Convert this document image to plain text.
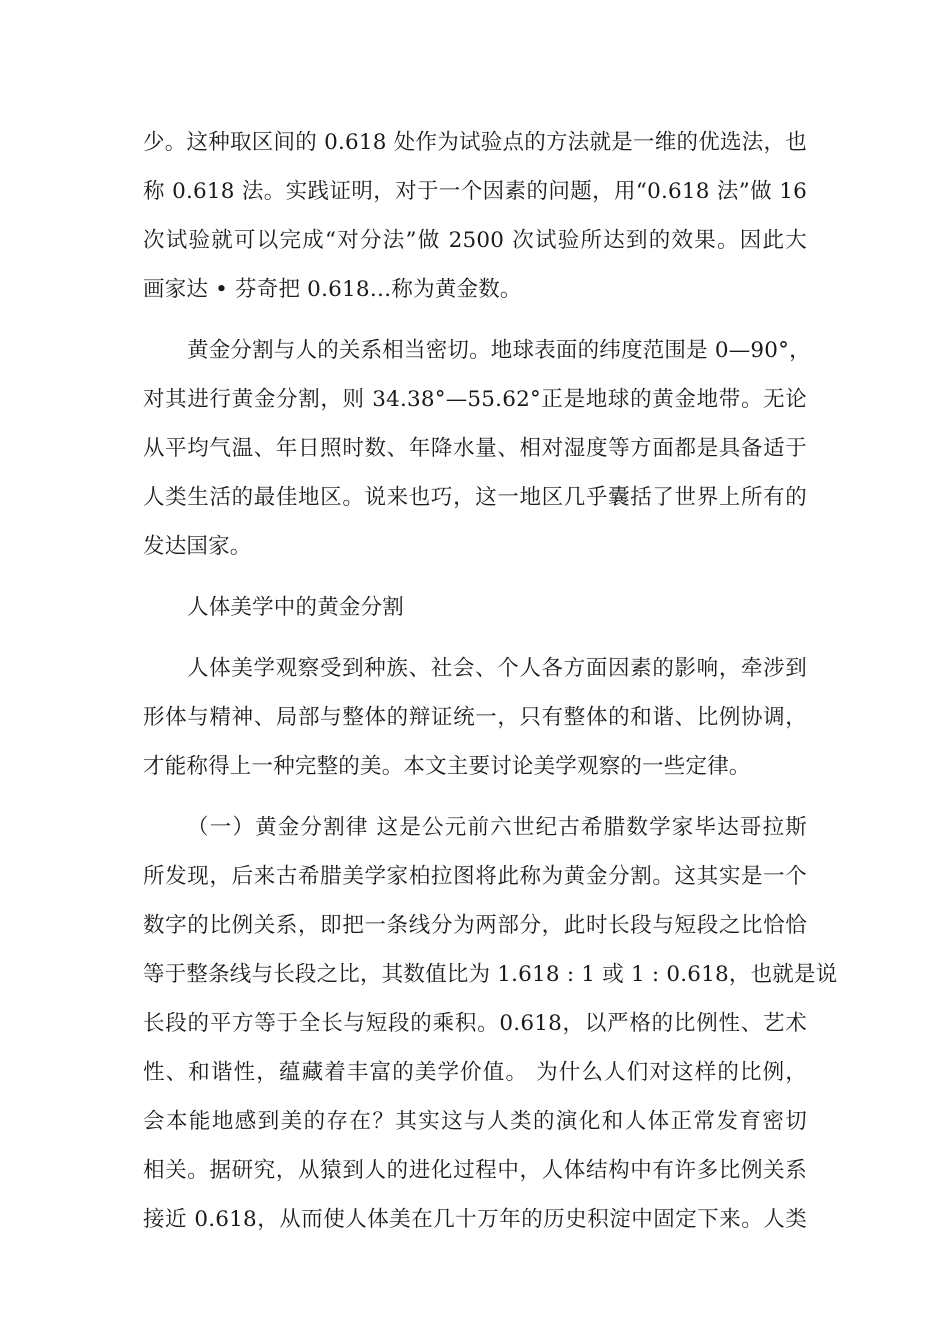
少。这种取区间的 0.618 处作为试验点的方法就是一维的优选法，也
称 0.618 法。实践证明，对于一个因素的问题，用“0.618 法”做 16
次试验就可以完成“对分法”做 2500 次试验所达到的效果。因此大
画家达 • 芬奇把 0.618…称为黄金数。
黄金分割与人的关系相当密切。地球表面的纬度范围是 0—90°，
对其进行黄金分割，则 34.38°—55.62°正是地球的黄金地带。无论
从平均气温、年日照时数、年降水量、相对湿度等方面都是具备适于
人类生活的最佳地区。说来也巧，这一地区几乎囊括了世界上所有的
发达国家。
人体美学中的黄金分割
人体美学观察受到种族、社会、个人各方面因素的影响，牵涉到
形体与精神、局部与整体的辩证统一，只有整体的和谐、比例协调，
才能称得上一种完整的美。本文主要讨论美学观察的一些定律。
（一）黄金分割律 这是公元前六世纪古希腊数学家毕达哥拉斯
所发现，后来古希腊美学家柏拉图将此称为黄金分割。这其实是一个
数字的比例关系，即把一条线分为两部分，此时长段与短段之比恰恰
等于整条线与长段之比，其数值比为 1.618 : 1 或 1 : 0.618，也就是说
长段的平方等于全长与短段的乘积。0.618，以严格的比例性、艺术
性、和谐性，蕴藏着丰富的美学价值。 为什么人们对这样的比例，
会本能地感到美的存在？其实这与人类的演化和人体正常发育密切
相关。据研究，从猿到人的进化过程中，人体结构中有许多比例关系
接近 0.618，从而使人体美在几十万年的历史积淀中固定下来。人类
